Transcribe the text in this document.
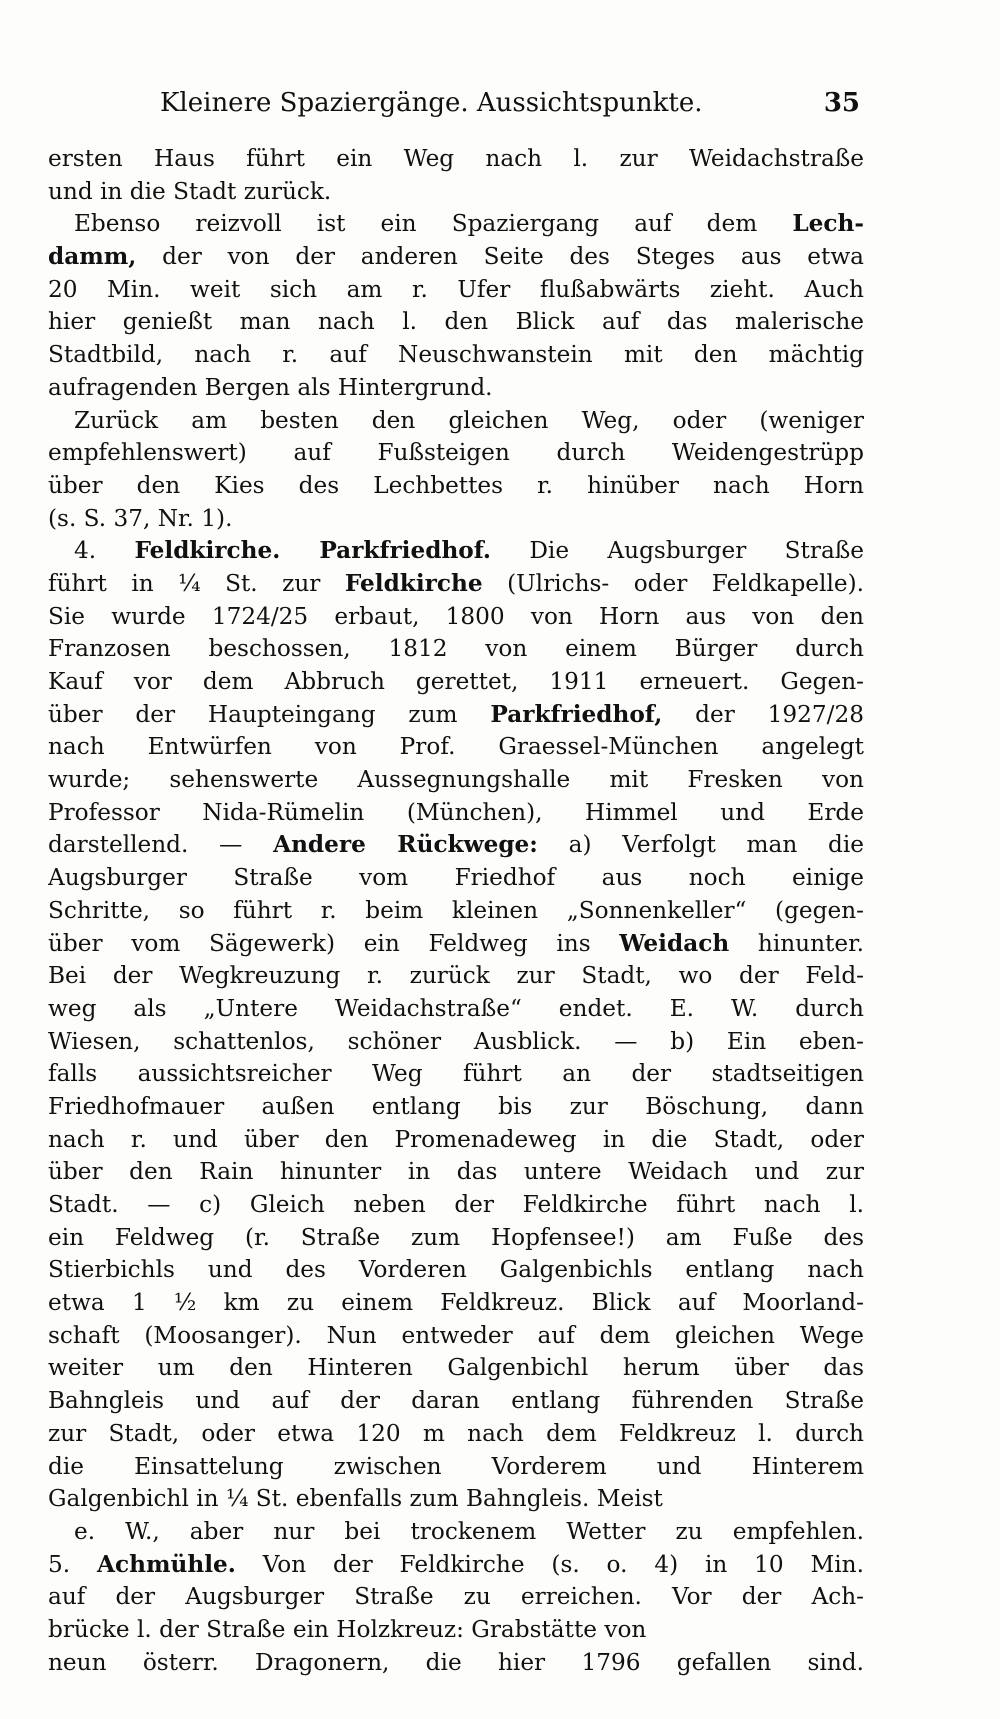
Kleinere Spaziergänge. Aussichtspunkte.	35
ersten Haus führt ein Weg nach l. zur Weidachstraße
und in die Stadt zurück.
Ebenso reizvoll ist ein Spaziergang auf dem Lech-
damm, der von der anderen Seite des Steges aus etwa
20 Min. weit sich am r. Ufer flußabwärts zieht. Auch
hier genießt man nach l. den Blick auf das malerische
Stadtbild, nach r. auf Neuschwanstein mit den mächtig
aufragenden Bergen als Hintergrund.
Zurück am besten den gleichen Weg, oder (weniger
empfehlenswert) auf Fußsteigen durch Weidengestrüpp
über den Kies des Lechbettes r. hinüber nach Horn
(s. S. 37, Nr. 1).
4. Feldkirche. Parkfriedhof. Die Augsburger Straße
führt in ¼ St. zur Feldkirche (Ulrichs- oder Feldkapelle).
Sie wurde 1724/25 erbaut, 1800 von Horn aus von den
Franzosen beschossen, 1812 von einem Bürger durch
Kauf vor dem Abbruch gerettet, 1911 erneuert. Gegen-
über der Haupteingang zum Parkfriedhof, der 1927/28
nach Entwürfen von Prof. Graessel-München angelegt
wurde; sehenswerte Aussegnungshalle mit Fresken von
Professor Nida-Rümelin (München), Himmel und Erde
darstellend. — Andere Rückwege: a) Verfolgt man die
Augsburger Straße vom Friedhof aus noch einige
Schritte, so führt r. beim kleinen „Sonnenkeller“ (gegen-
über vom Sägewerk) ein Feldweg ins Weidach hinunter.
Bei der Wegkreuzung r. zurück zur Stadt, wo der Feld-
weg als „Untere Weidachstraße“ endet. E. W. durch
Wiesen, schattenlos, schöner Ausblick. — b) Ein eben-
falls aussichtsreicher Weg führt an der stadtseitigen
Friedhofmauer außen entlang bis zur Böschung, dann
nach r. und über den Promenadeweg in die Stadt, oder
über den Rain hinunter in das untere Weidach und zur
Stadt. — c) Gleich neben der Feldkirche führt nach l.
ein Feldweg (r. Straße zum Hopfensee!) am Fuße des
Stierbichls und des Vorderen Galgenbichls entlang nach
etwa 1 ½ km zu einem Feldkreuz. Blick auf Moorland-
schaft (Moosanger). Nun entweder auf dem gleichen Wege
weiter um den Hinteren Galgenbichl herum über das
Bahngleis und auf der daran entlang führenden Straße
zur Stadt, oder etwa 120 m nach dem Feldkreuz l. durch
die Einsattelung zwischen Vorderem und Hinterem
Galgenbichl in ¼ St. ebenfalls zum Bahngleis. Meist
e. W., aber nur bei trockenem Wetter zu empfehlen.
5. Achmühle. Von der Feldkirche (s. o. 4) in 10 Min.
auf der Augsburger Straße zu erreichen. Vor der Ach-
brücke l. der Straße ein Holzkreuz: Grabstätte von
neun österr. Dragonern, die hier 1796 gefallen sind.
